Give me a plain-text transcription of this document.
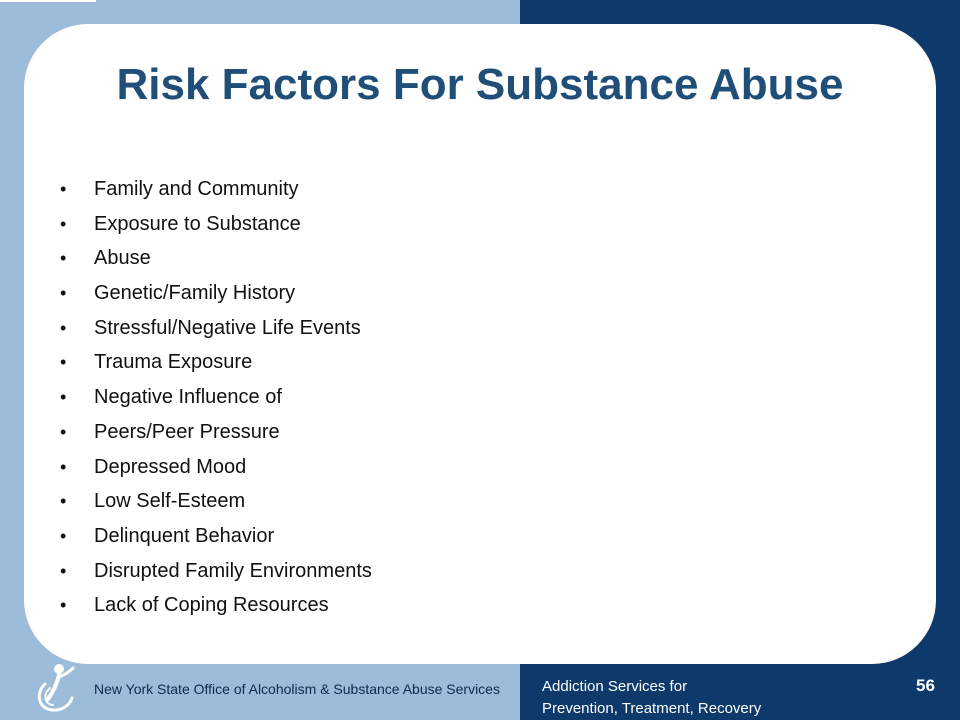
Risk Factors For Substance Abuse
•	Family and Community
•	Exposure to Substance
•	Abuse
•	Genetic/Family History
•	Stressful/Negative Life Events
•	Trauma Exposure
•	Negative Influence of
•	Peers/Peer Pressure
•	Depressed Mood
•	Low Self-Esteem
•	Delinquent Behavior
•	Disrupted Family Environments
•	Lack of Coping Resources
New York State Office of Alcoholism & Substance Abuse Services	Addiction Services for
Prevention, Treatment, Recovery
56
